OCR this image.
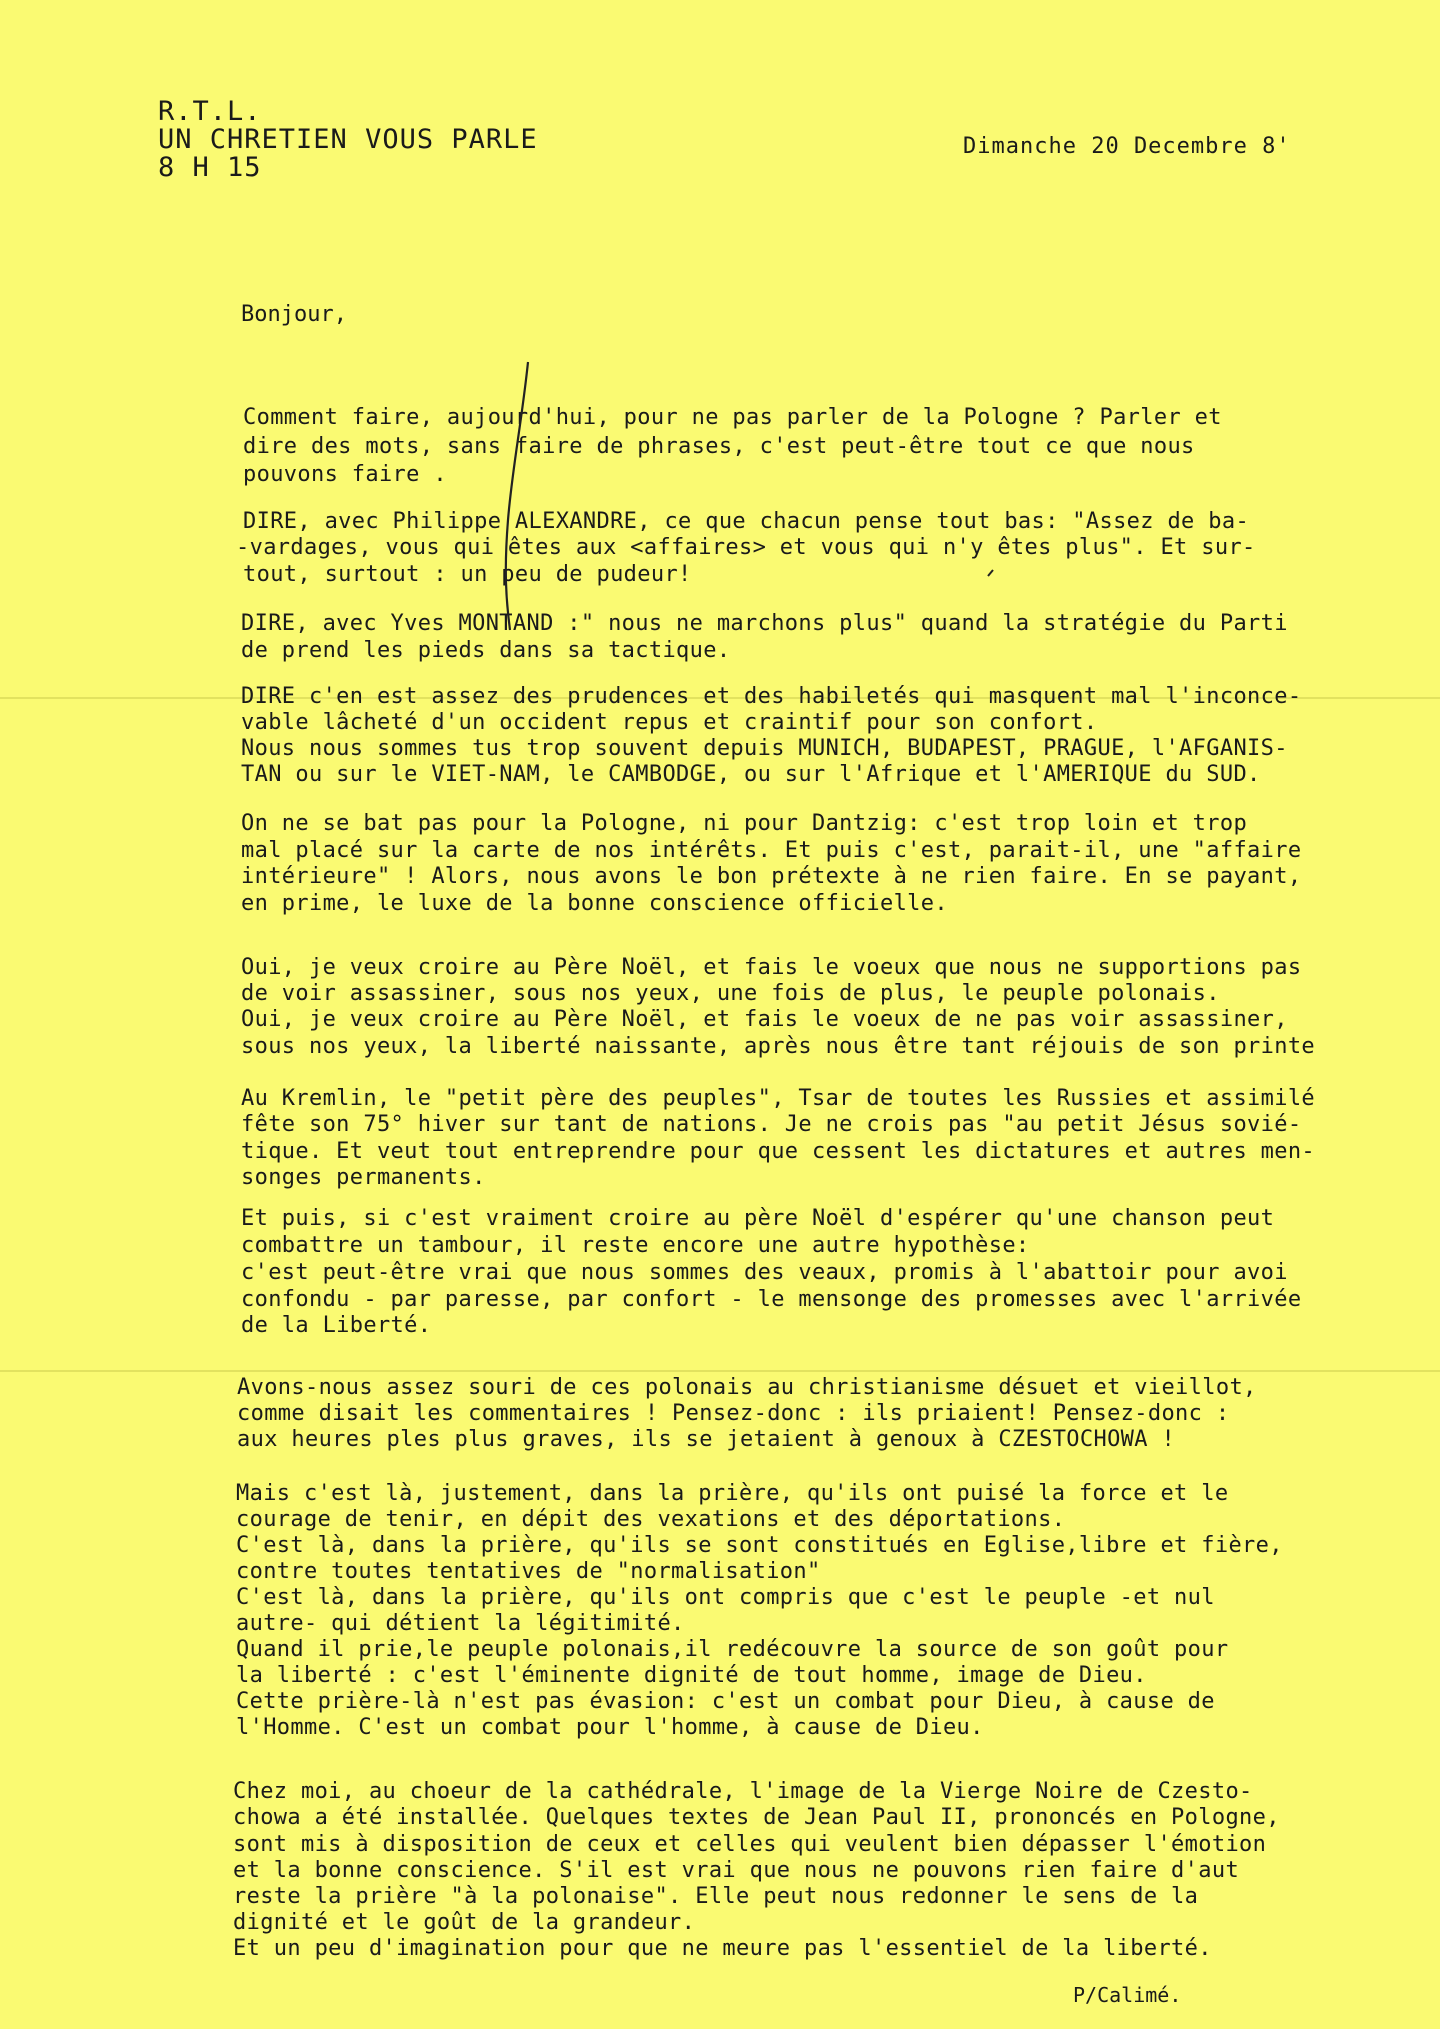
R.T.L.
UN CHRETIEN VOUS PARLE
8 H 15
Dimanche 20 Decembre 8'
Bonjour,
Comment faire, aujourd'hui, pour ne pas parler de la Pologne ? Parler et
dire des mots, sans faire de phrases, c'est peut-être tout ce que nous
pouvons faire .
DIRE, avec Philippe ALEXANDRE, ce que chacun pense tout bas: "Assez de ba-
-vardages, vous qui êtes aux <affaires> et vous qui n'y êtes plus". Et sur-
tout, surtout : un peu de pudeur!
DIRE, avec Yves MONTAND :" nous ne marchons plus" quand la stratégie du Parti
de prend les pieds dans sa tactique.
DIRE c'en est assez des prudences et des habiletés qui masquent mal l'inconce-
vable lâcheté d'un occident repus et craintif pour son confort.
Nous nous sommes tus trop souvent depuis MUNICH, BUDAPEST, PRAGUE, l'AFGANIS-
TAN ou sur le VIET-NAM, le CAMBODGE, ou sur l'Afrique et l'AMERIQUE du SUD.
On ne se bat pas pour la Pologne, ni pour Dantzig: c'est trop loin et trop
mal placé sur la carte de nos intérêts. Et puis c'est, parait-il, une "affaire
intérieure" ! Alors, nous avons le bon prétexte à ne rien faire. En se payant,
en prime, le luxe de la bonne conscience officielle.
Oui, je veux croire au Père Noël, et fais le voeux que nous ne supportions pas
de voir assassiner, sous nos yeux, une fois de plus, le peuple polonais.
Oui, je veux croire au Père Noël, et fais le voeux de ne pas voir assassiner,
sous nos yeux, la liberté naissante, après nous être tant réjouis de son printe
Au Kremlin, le "petit père des peuples", Tsar de toutes les Russies et assimilé
fête son 75° hiver sur tant de nations. Je ne crois pas "au petit Jésus sovié-
tique. Et veut tout entreprendre pour que cessent les dictatures et autres men-
songes permanents.
Et puis, si c'est vraiment croire au père Noël d'espérer qu'une chanson peut
combattre un tambour, il reste encore une autre hypothèse:
c'est peut-être vrai que nous sommes des veaux, promis à l'abattoir pour avoi
confondu - par paresse, par confort - le mensonge des promesses avec l'arrivée
de la Liberté.
Avons-nous assez souri de ces polonais au christianisme désuet et vieillot,
comme disait les commentaires ! Pensez-donc : ils priaient! Pensez-donc :
aux heures ples plus graves, ils se jetaient à genoux à CZESTOCHOWA !
Mais c'est là, justement, dans la prière, qu'ils ont puisé la force et le
courage de tenir, en dépit des vexations et des déportations.
C'est là, dans la prière, qu'ils se sont constitués en Eglise,libre et fière,
contre toutes tentatives de "normalisation"
C'est là, dans la prière, qu'ils ont compris que c'est le peuple -et nul
autre- qui détient la légitimité.
Quand il prie,le peuple polonais,il redécouvre la source de son goût pour
la liberté : c'est l'éminente dignité de tout homme, image de Dieu.
Cette prière-là n'est pas évasion: c'est un combat pour Dieu, à cause de
l'Homme. C'est un combat pour l'homme, à cause de Dieu.
Chez moi, au choeur de la cathédrale, l'image de la Vierge Noire de Czesto-
chowa a été installée. Quelques textes de Jean Paul II, prononcés en Pologne,
sont mis à disposition de ceux et celles qui veulent bien dépasser l'émotion
et la bonne conscience. S'il est vrai que nous ne pouvons rien faire d'aut
reste la prière "à la polonaise". Elle peut nous redonner le sens de la
dignité et le goût de la grandeur.
Et un peu d'imagination pour que ne meure pas l'essentiel de la liberté.
P/Calimé.
